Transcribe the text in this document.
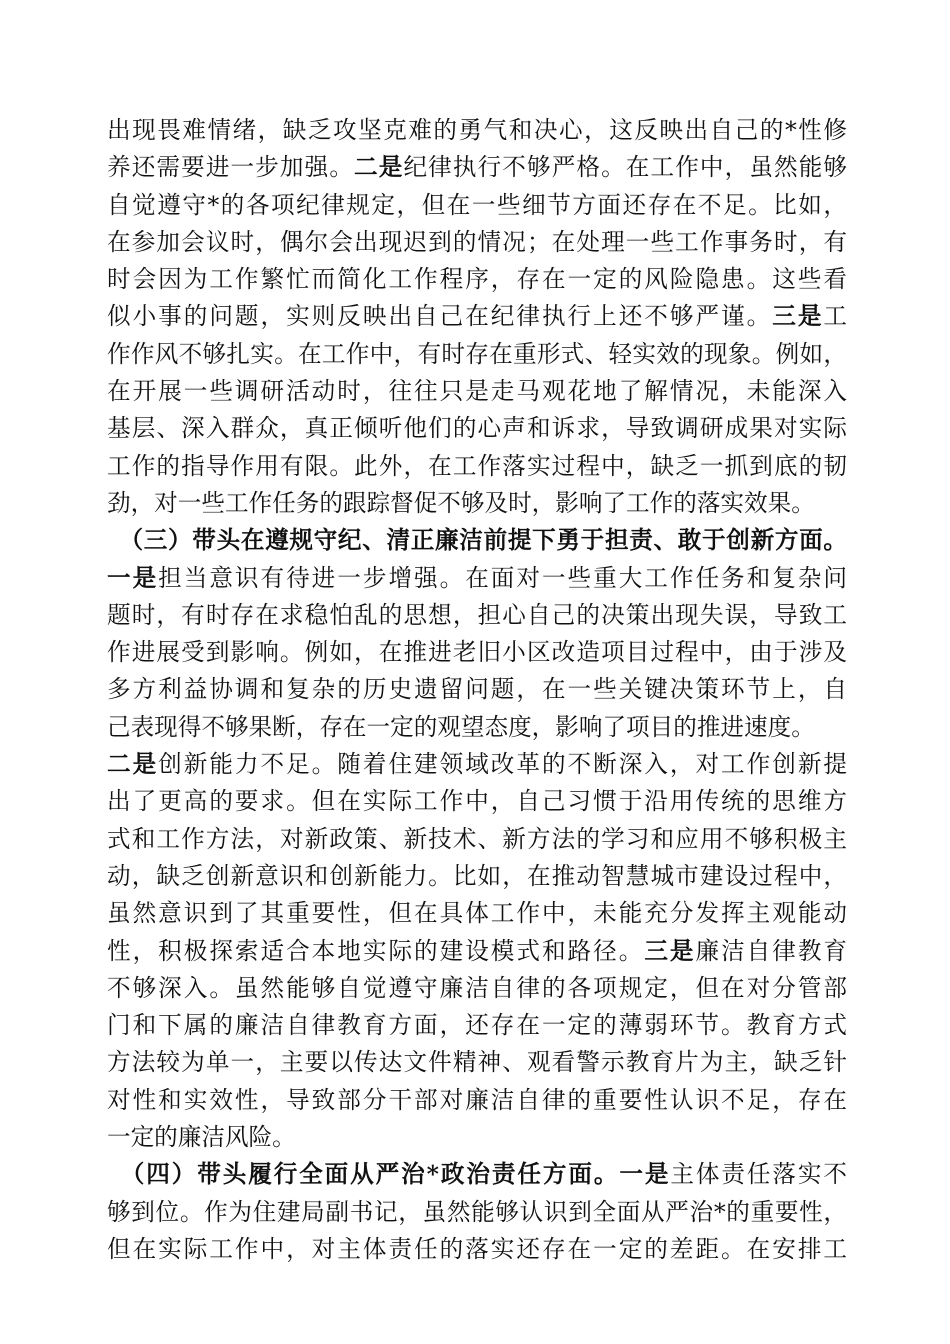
出现畏难情绪，缺乏攻坚克难的勇气和决心，这反映出自己的*性修
养还需要进一步加强。二是纪律执行不够严格。在工作中，虽然能够
自觉遵守*的各项纪律规定，但在一些细节方面还存在不足。比如，
在参加会议时，偶尔会出现迟到的情况；在处理一些工作事务时，有
时会因为工作繁忙而简化工作程序，存在一定的风险隐患。这些看
似小事的问题，实则反映出自己在纪律执行上还不够严谨。三是工
作作风不够扎实。在工作中，有时存在重形式、轻实效的现象。例如，
在开展一些调研活动时，往往只是走马观花地了解情况，未能深入
基层、深入群众，真正倾听他们的心声和诉求，导致调研成果对实际
工作的指导作用有限。此外，在工作落实过程中，缺乏一抓到底的韧
劲，对一些工作任务的跟踪督促不够及时，影响了工作的落实效果。
　（三）带头在遵规守纪、清正廉洁前提下勇于担责、敢于创新方面。
一是担当意识有待进一步增强。在面对一些重大工作任务和复杂问
题时，有时存在求稳怕乱的思想，担心自己的决策出现失误，导致工
作进展受到影响。例如，在推进老旧小区改造项目过程中，由于涉及
多方利益协调和复杂的历史遗留问题，在一些关键决策环节上，自
己表现得不够果断，存在一定的观望态度，影响了项目的推进速度。
二是创新能力不足。随着住建领域改革的不断深入，对工作创新提
出了更高的要求。但在实际工作中，自己习惯于沿用传统的思维方
式和工作方法，对新政策、新技术、新方法的学习和应用不够积极主
动，缺乏创新意识和创新能力。比如，在推动智慧城市建设过程中，
虽然意识到了其重要性，但在具体工作中，未能充分发挥主观能动
性，积极探索适合本地实际的建设模式和路径。三是廉洁自律教育
不够深入。虽然能够自觉遵守廉洁自律的各项规定，但在对分管部
门和下属的廉洁自律教育方面，还存在一定的薄弱环节。教育方式
方法较为单一，主要以传达文件精神、观看警示教育片为主，缺乏针
对性和实效性，导致部分干部对廉洁自律的重要性认识不足，存在
一定的廉洁风险。
　（四）带头履行全面从严治*政治责任方面。一是主体责任落实不
够到位。作为住建局副书记，虽然能够认识到全面从严治*的重要性，
但在实际工作中，对主体责任的落实还存在一定的差距。在安排工
